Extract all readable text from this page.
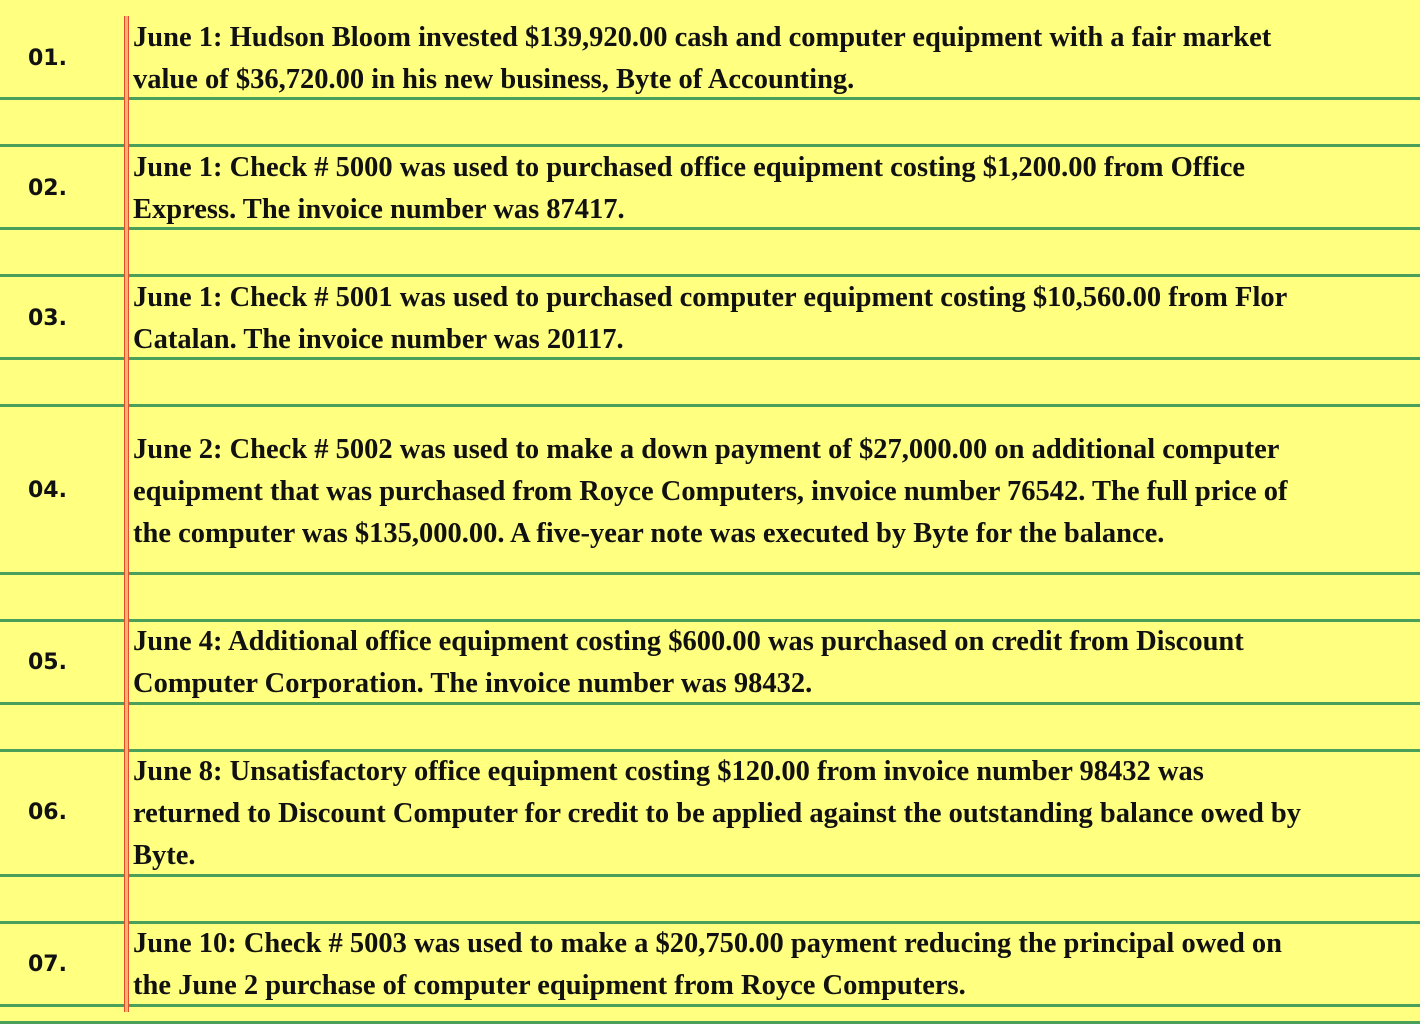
01.
June 1: Hudson Bloom invested $139,920.00 cash and computer equipment with a fair market
value of $36,720.00 in his new business, Byte of Accounting.
02.
June 1: Check # 5000 was used to purchased office equipment costing $1,200.00 from Office
Express. The invoice number was 87417.
03.
June 1: Check # 5001 was used to purchased computer equipment costing $10,560.00 from Flor
Catalan. The invoice number was 20117.
04.
June 2: Check # 5002 was used to make a down payment of $27,000.00 on additional computer
equipment that was purchased from Royce Computers, invoice number 76542. The full price of
the computer was $135,000.00. A five-year note was executed by Byte for the balance.
05.
June 4: Additional office equipment costing $600.00 was purchased on credit from Discount
Computer Corporation. The invoice number was 98432.
06.
June 8: Unsatisfactory office equipment costing $120.00 from invoice number 98432 was
returned to Discount Computer for credit to be applied against the outstanding balance owed by
Byte.
07.
June 10: Check # 5003 was used to make a $20,750.00 payment reducing the principal owed on
the June 2 purchase of computer equipment from Royce Computers.
